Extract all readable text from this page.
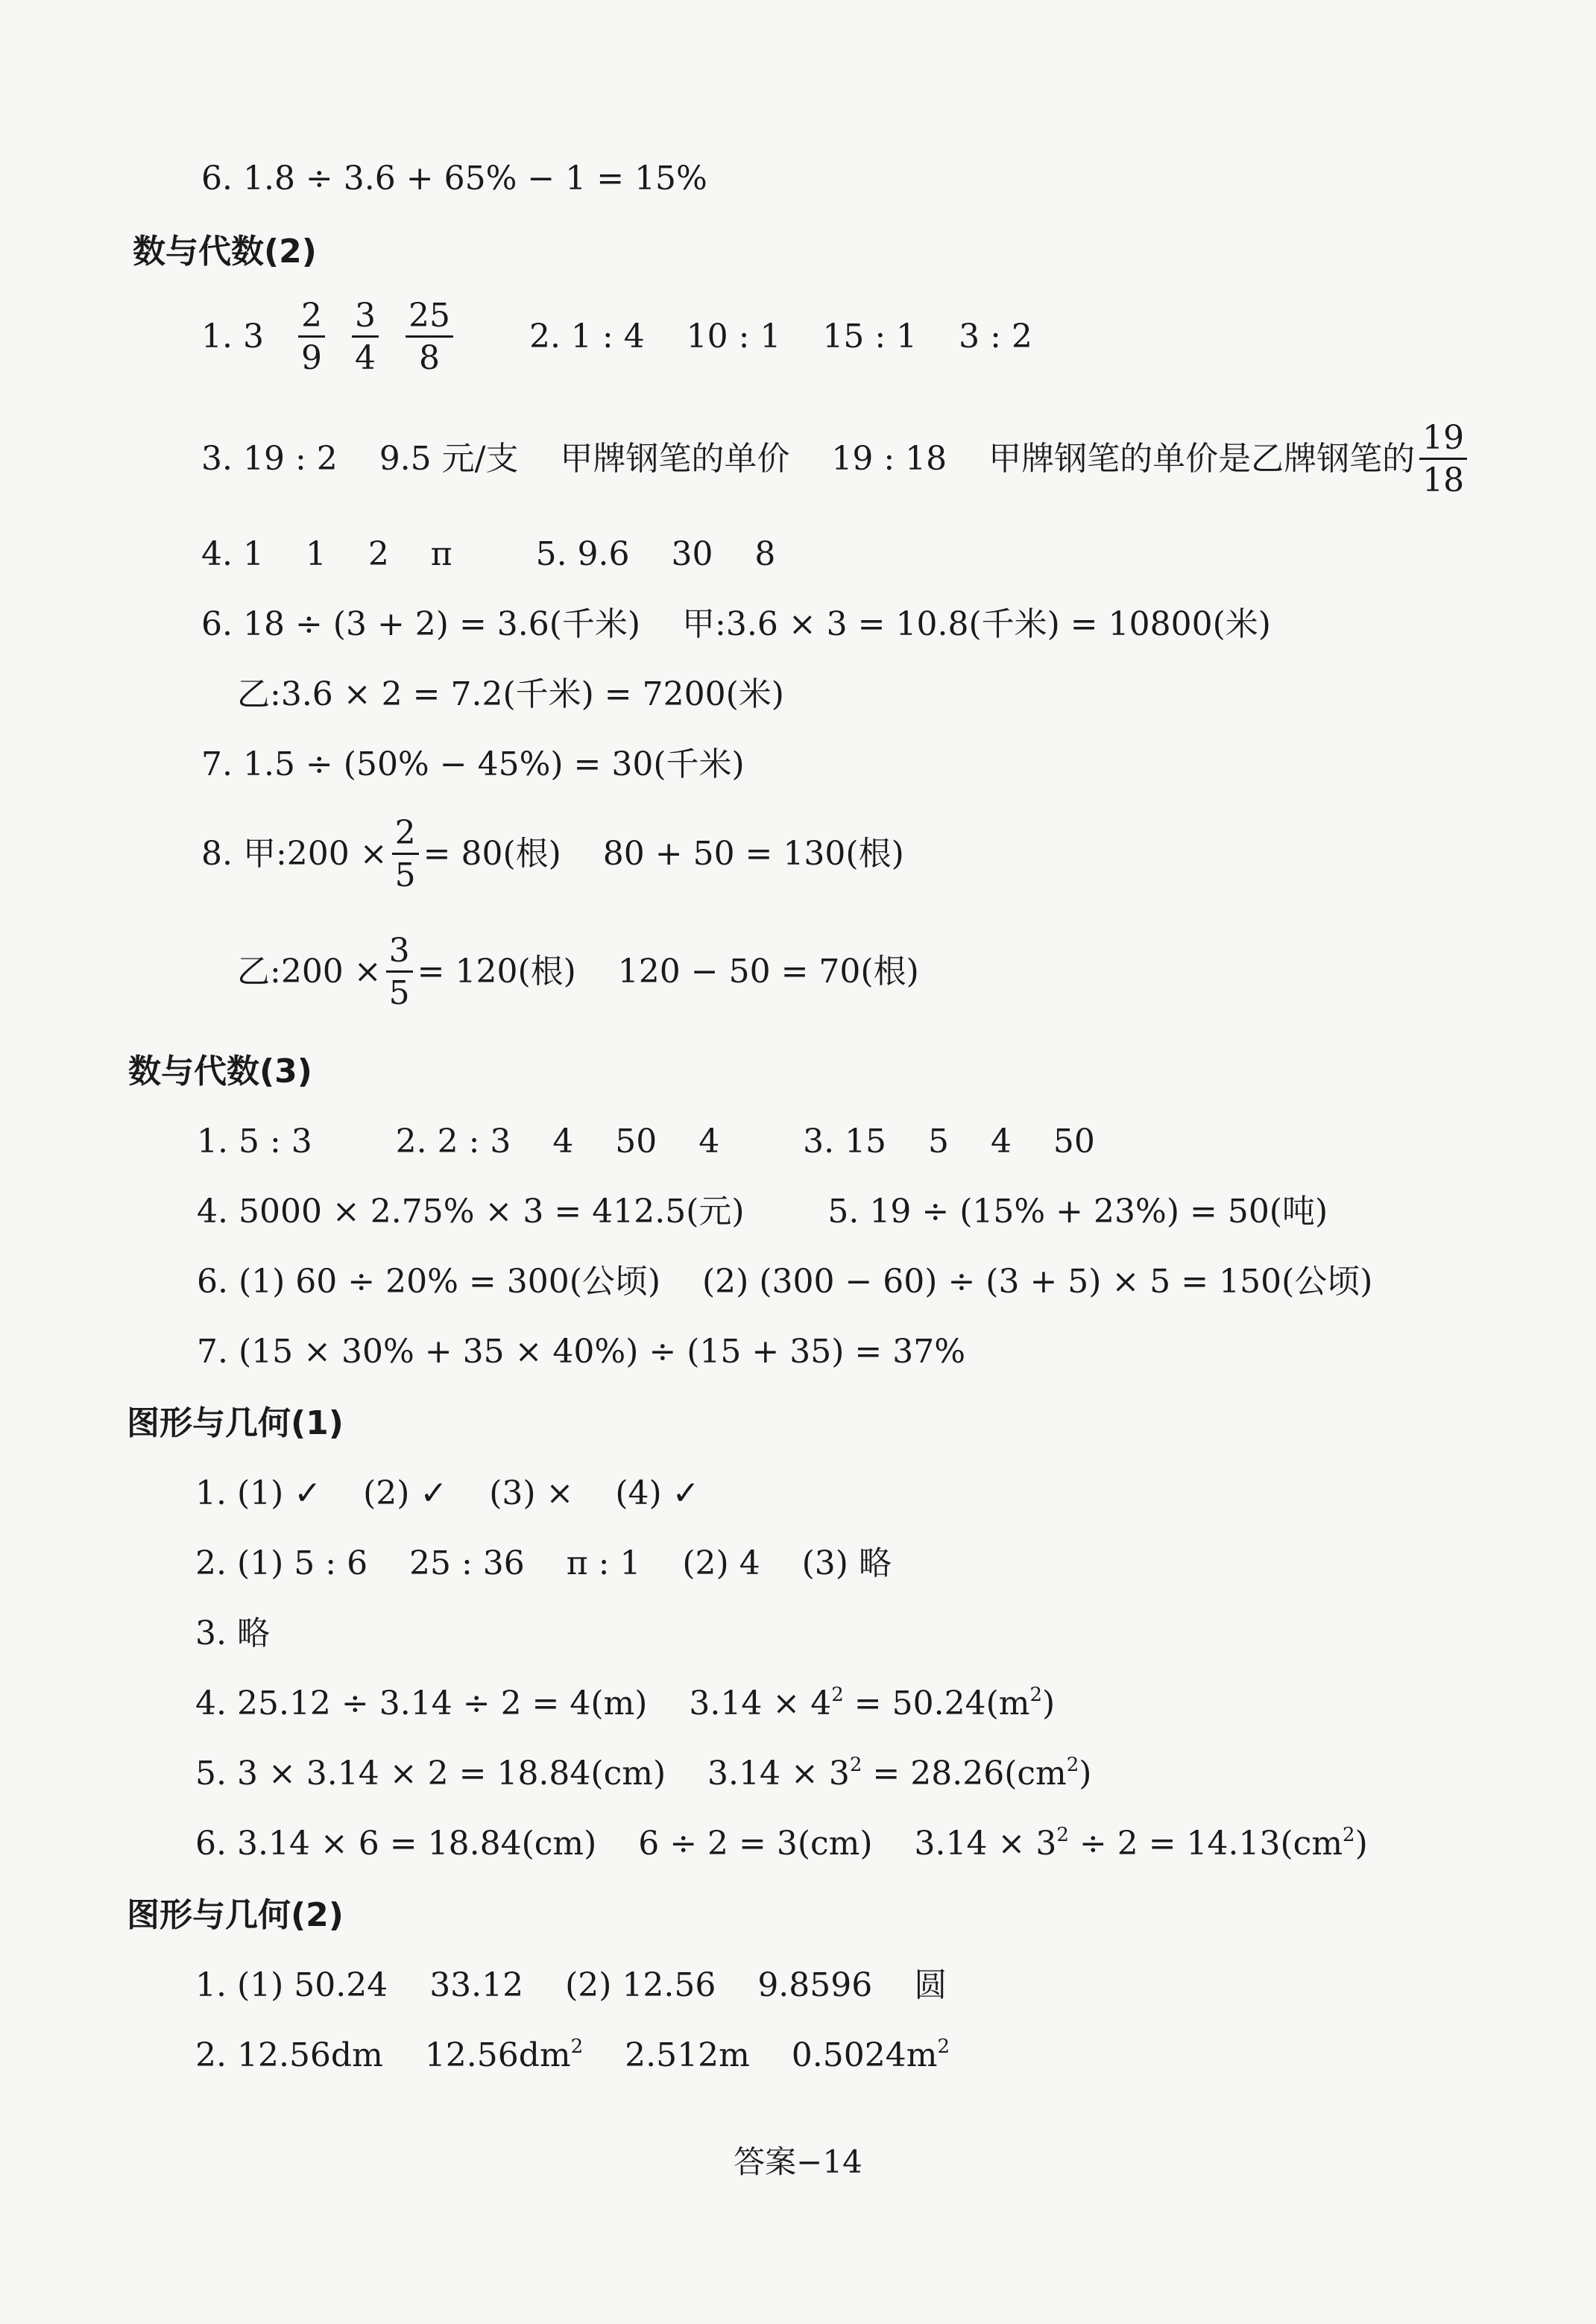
6. 1.8 ÷ 3.6 + 65% − 1 = 15%
数与代数(2)
1. $3 \frac{2}{9} \frac{3}{4} \frac{25}{8} 2$. 1 : 4    10 : 1    15 : 1    3 : 2
3. 19 : 2    9.5 元/支    甲牌钢笔的单价    19 : 18    甲牌钢笔的单价是乙牌钢笔的 $\frac{19}{18}$
4. 1    1    2    π        5. 9.6    30    8
6. 18 ÷ (3 + 2) = 3.6(千米)    甲:3.6 × 3 = 10.8(千米) = 10800(米)
乙:3.6 × 2 = 7.2(千米) = 7200(米)
7. 1.5 ÷ (50% − 45%) = 30(千米)
8. 甲:200 × $\frac{2}{5} = 80$(根)    80 + 50 = 130(根)
乙:200 × $\frac{3}{5} = 120$(根)    120 − 50 = 70(根)
数与代数(3)
1. 5 : 3        2. 2 : 3    4    50    4        3. 15    5    4    50
4. 5000 × 2.75% × 3 = 412.5(元)        5. 19 ÷ (15% + 23%) = 50(吨)
6. (1) 60 ÷ 20% = 300(公顷)    (2) (300 − 60) ÷ (3 + 5) × 5 = 150(公顷)
7. (15 × 30% + 35 × 40%) ÷ (15 + 35) = 37%
图形与几何(1)
1. (1) ✓    (2) ✓    (3) ×    (4) ✓
2. (1) 5 : 6    25 : 36    π : 1    (2) 4    (3) 略
3. 略
4. 25.12 ÷ 3.14 ÷ 2 = 4(m)    $3.14 \times 4^2 = 50.24(m^2)$
5. 3 × 3.14 × 2 = 18.84(cm)    $3.14 \times 3^2 = 28.26(cm^2)$
6. 3.14 × 6 = 18.84(cm)    6 ÷ 2 = 3(cm)    $3.14 \times 3^2 \div 2 = 14.13(cm^2)$
图形与几何(2)
1. (1) 50.24    33.12    (2) 12.56    9.8596    圆
2. 12.56dm    $12.56dm^2$    2.512m    $0.5024m^2$
答案−14
